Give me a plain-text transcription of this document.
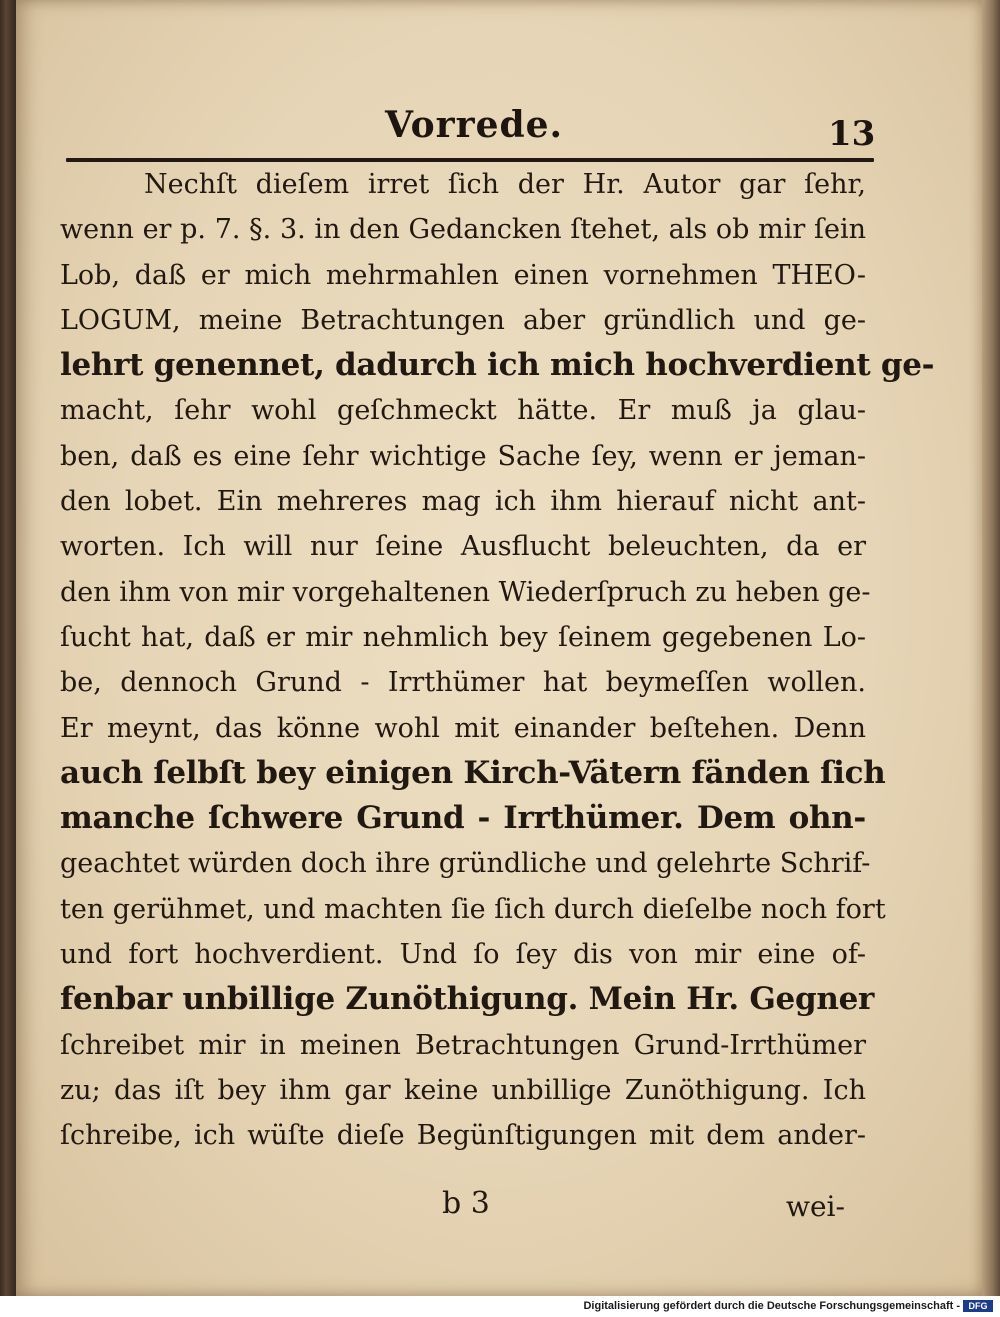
Vorrede.	13
Nechſt dieſem irret ſich der Hr. Autor gar ſehr,
wenn er p. 7. §. 3. in den Gedancken ſtehet, als ob mir ſein
Lob, daß er mich mehrmahlen einen vornehmen THEO-
LOGUM, meine Betrachtungen aber gründlich und ge-
lehrt genennet, dadurch ich mich hochverdient ge-
macht, ſehr wohl geſchmeckt hätte. Er muß ja glau-
ben, daß es eine ſehr wichtige Sache ſey, wenn er jeman-
den lobet. Ein mehreres mag ich ihm hierauf nicht ant-
worten. Ich will nur ſeine Ausflucht beleuchten, da er
den ihm von mir vorgehaltenen Wiederſpruch zu heben ge-
ſucht hat, daß er mir nehmlich bey ſeinem gegebenen Lo-
be, dennoch Grund - Irrthümer hat beymeſſen wollen.
Er meynt, das könne wohl mit einander beſtehen. Denn
auch ſelbſt bey einigen Kirch-Vätern fänden ſich
manche ſchwere Grund - Irrthümer. Dem ohn-
geachtet würden doch ihre gründliche und gelehrte Schrif-
ten gerühmet, und machten ſie ſich durch dieſelbe noch fort
und fort hochverdient. Und ſo ſey dis von mir eine of-
fenbar unbillige Zunöthigung. Mein Hr. Gegner
ſchreibet mir in meinen Betrachtungen Grund-Irrthümer
zu; das iſt bey ihm gar keine unbillige Zunöthigung. Ich
ſchreibe, ich wüſte dieſe Begünſtigungen mit dem ander-
b 3	wei-
Digitalisierung gefördert durch die Deutsche Forschungsgemeinschaft - DFG
